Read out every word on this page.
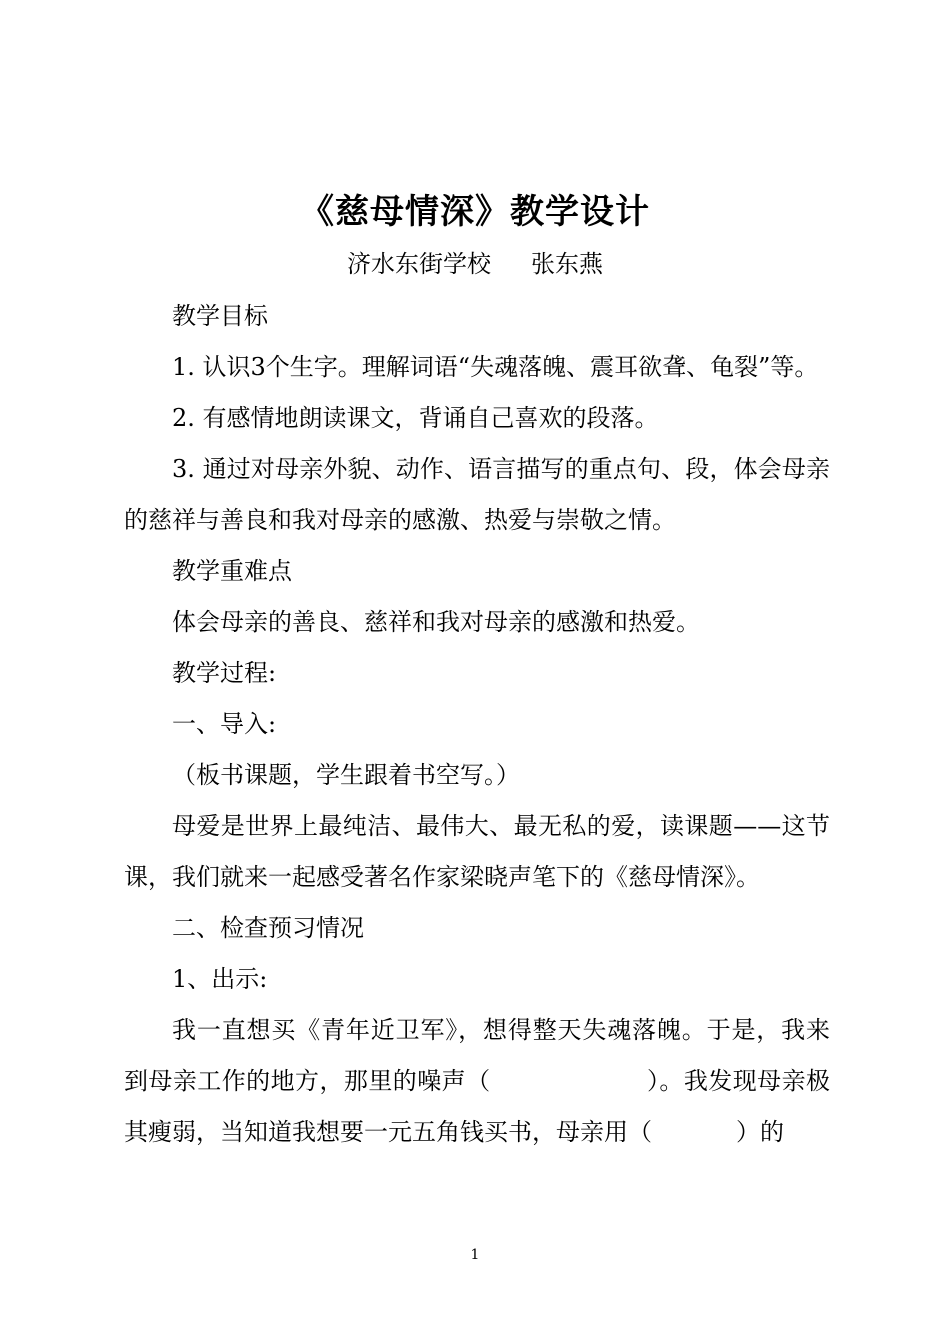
《慈母情深》教学设计
济水东街学校 张东燕

教学目标

1. 认识3个生字。理解词语“失魂落魄、震耳欲聋、龟裂”等。

2. 有感情地朗读课文，背诵自己喜欢的段落。

3. 通过对母亲外貌、动作、语言描写的重点句、段，体会母亲的慈祥与善良和我对母亲的感激、热爱与崇敬之情。

教学重难点

体会母亲的善良、慈祥和我对母亲的感激和热爱。

教学过程:

一、导入:

（板书课题，学生跟着书空写。）

母爱是世界上最纯洁、最伟大、最无私的爱，读课题——这节课，我们就来一起感受著名作家梁晓声笔下的《慈母情深》。

二、检查预习情况

1、出示:

我一直想买《青年近卫军》，想得整天失魂落魄。于是，我来到母亲工作的地方，那里的噪声（	）。我发现母亲极其瘦弱，当知道我想要一元五角钱买书，母亲用（	）的

1
